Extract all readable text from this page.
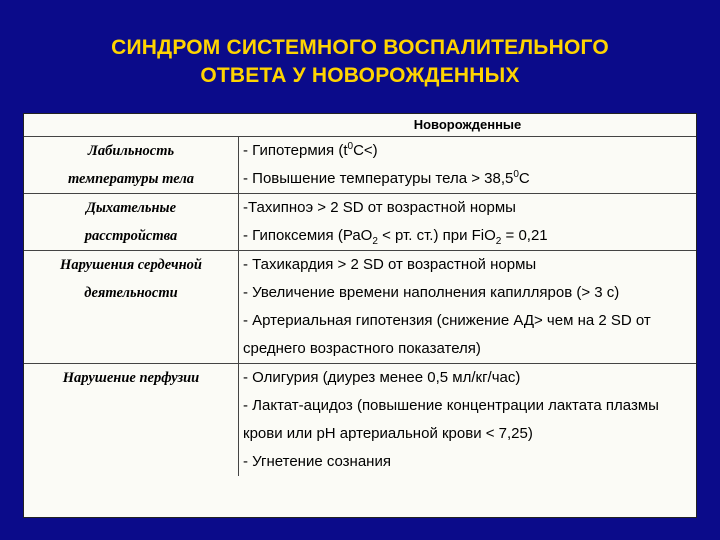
СИНДРОМ СИСТЕМНОГО ВОСПАЛИТЕЛЬНОГО
ОТВЕТА У НОВОРОЖДЕННЫХ
Новорожденные	

Лабильность
температуры тела	- Гипотермия $(t^0С<)$
- Повышение температуры тела > $38,5^0С$

Дыхательные
расстройства	-Тахипноэ > 2 SD от возрастной нормы
- Гипоксемия (РаО$_2$ < рт. ст.) при FiO$_2$ = 0,21

Нарушения сердечной
деятельности	- Тахикардия > 2 SD от возрастной нормы
- Увеличение времени наполнения капилляров (> 3 с)
- Артериальная гипотензия (снижение АД> чем на 2 SD от среднего возрастного показателя)

Нарушение перфузии	- Олигурия (диурез менее 0,5 мл/кг/час)
- Лактат-ацидоз (повышение концентрации лактата плазмы крови или pH артериальной крови < 7,25)
- Угнетение сознания
